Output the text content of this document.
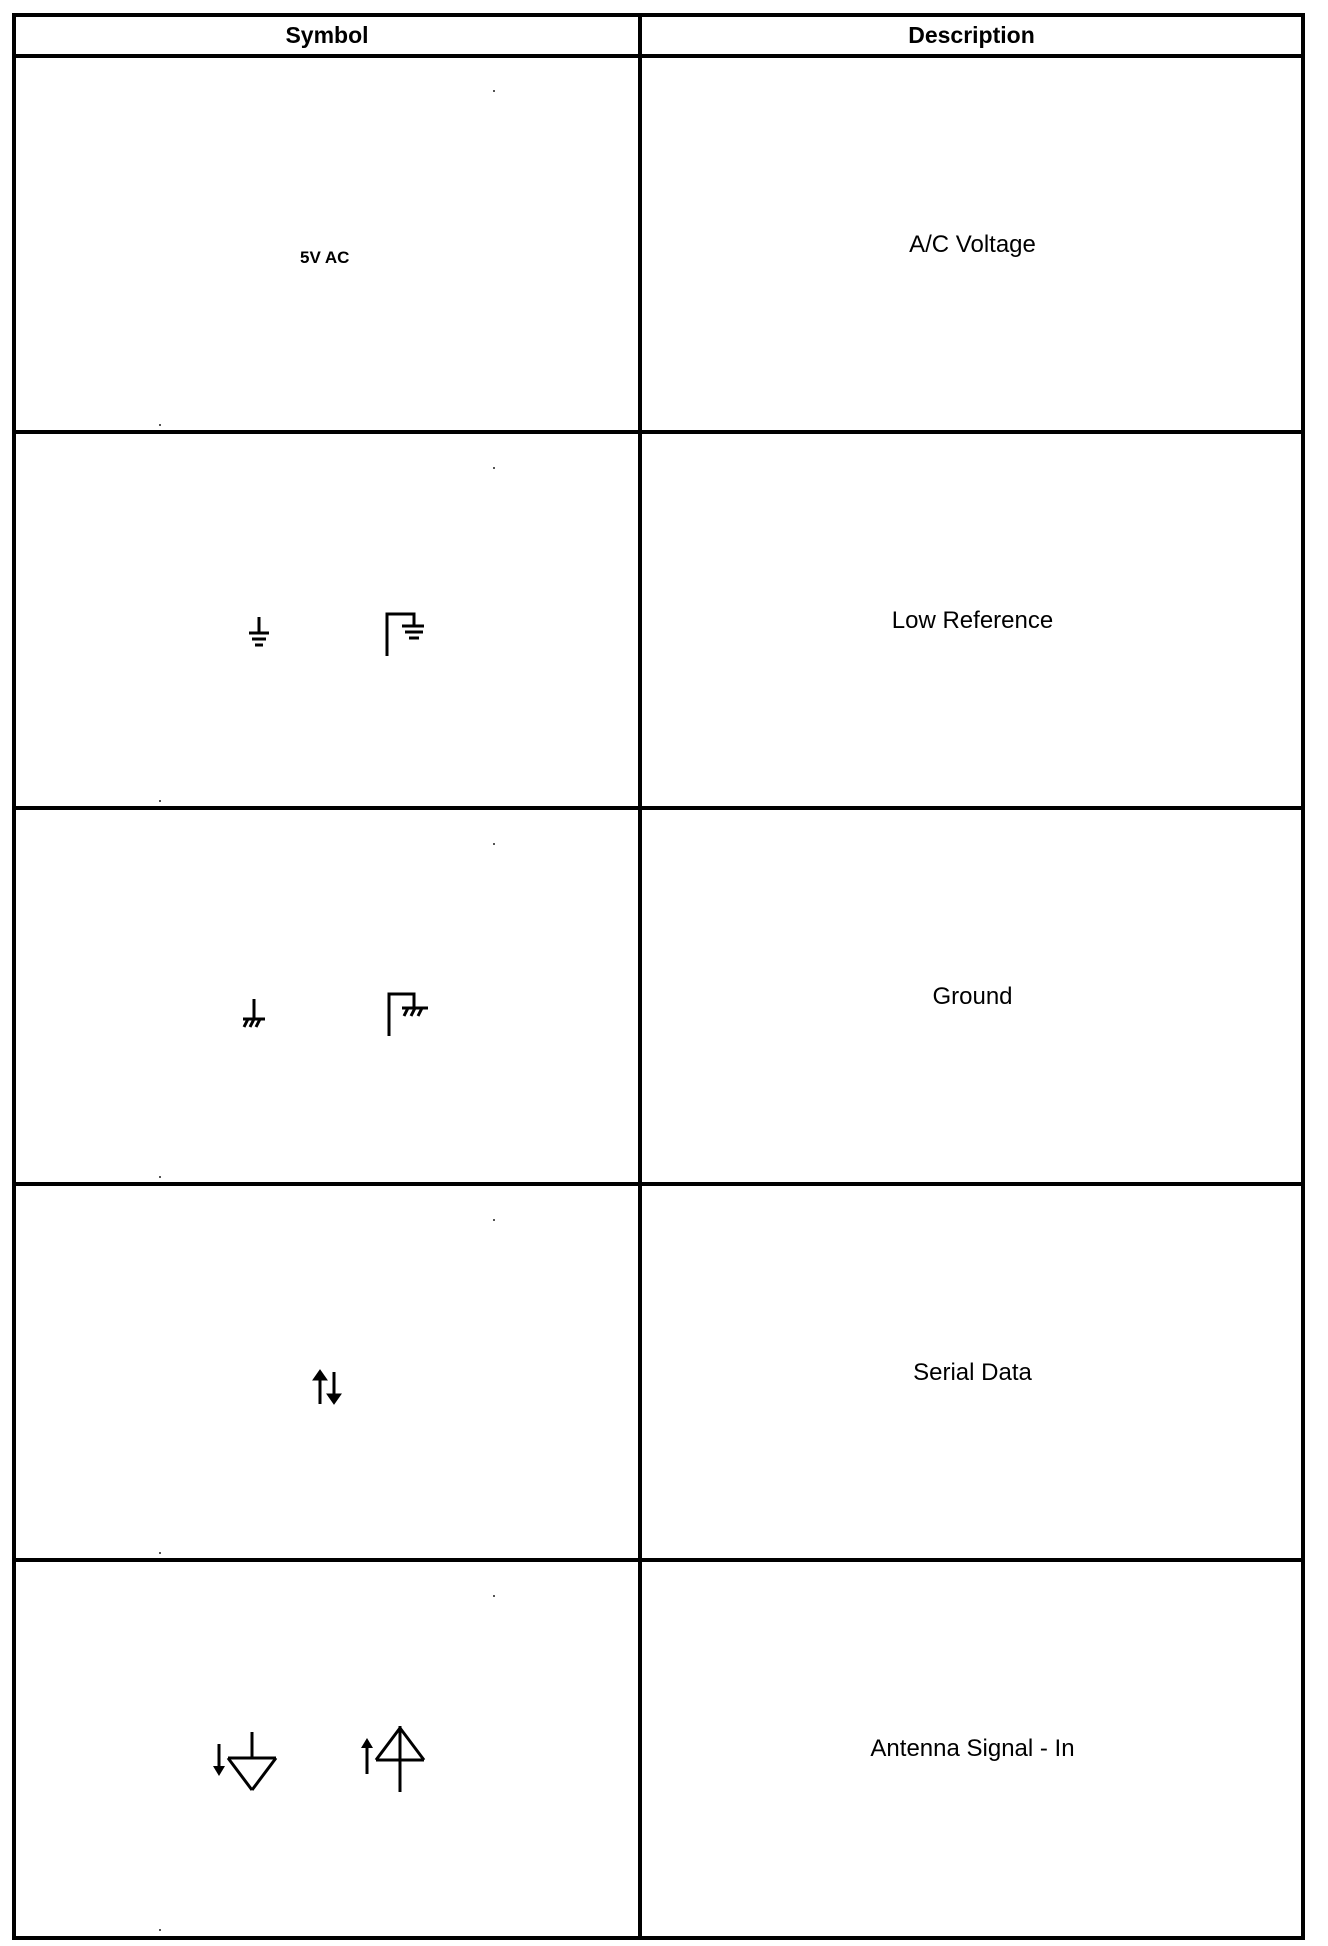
Symbol	Description
5V AC	A/C Voltage
Low Reference
Ground
Serial Data
Antenna Signal - In
